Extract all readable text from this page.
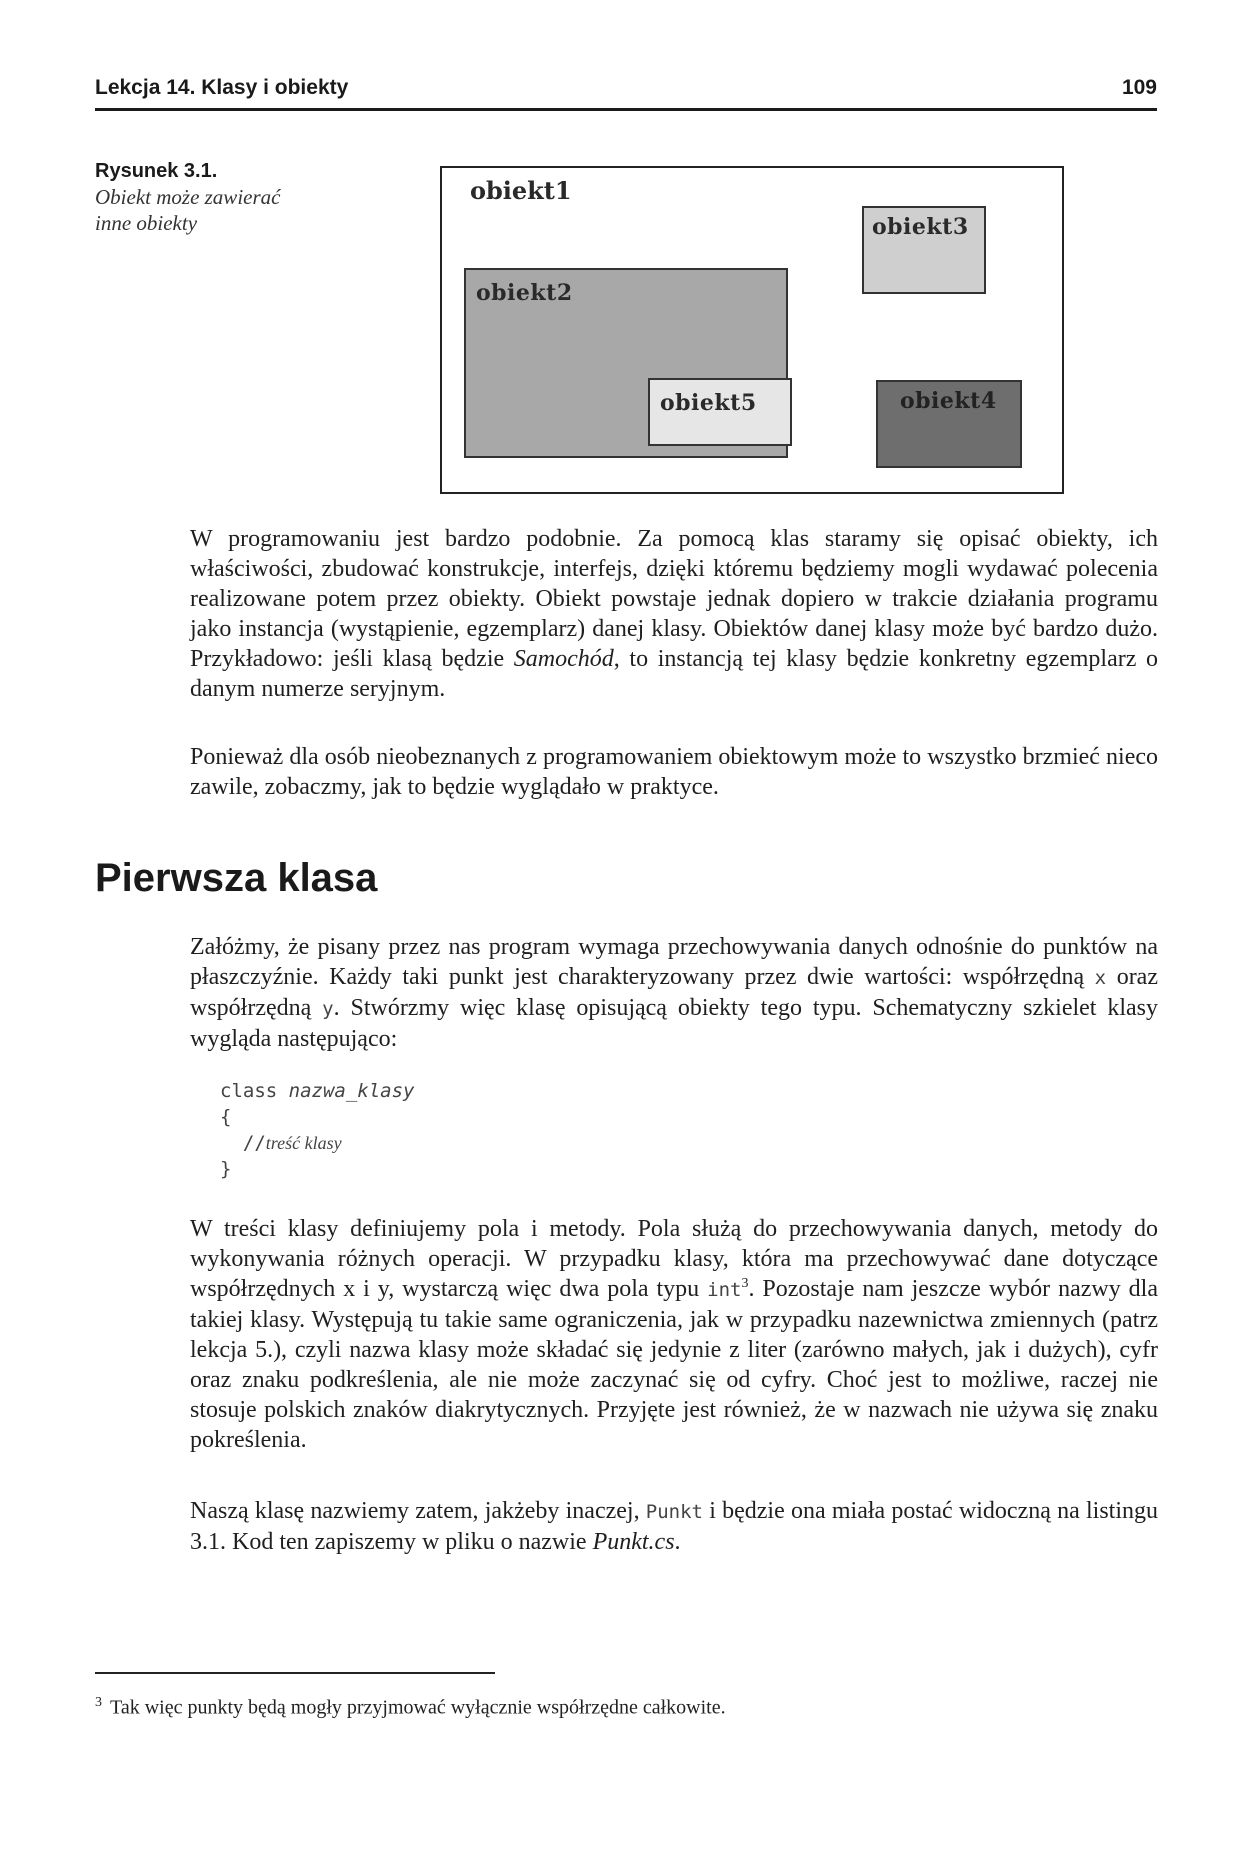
Lekcja 14. Klasy i obiekty	109
Rysunek 3.1.
Obiekt może zawierać
inne obiekty
obiekt1
obiekt2
obiekt5
obiekt3
obiekt4

W programowaniu jest bardzo podobnie. Za pomocą klas staramy się opisać obiekty, ich właściwości, zbudować konstrukcje, interfejs, dzięki któremu będziemy mogli wydawać polecenia realizowane potem przez obiekty. Obiekt powstaje jednak dopiero w trakcie działania programu jako instancja (wystąpienie, egzemplarz) danej klasy. Obiektów danej klasy może być bardzo dużo. Przykładowo: jeśli klasą będzie Samochód, to instancją tej klasy będzie konkretny egzemplarz o danym numerze seryjnym.

Ponieważ dla osób nieobeznanych z programowaniem obiektowym może to wszystko brzmieć nieco zawile, zobaczmy, jak to będzie wyglądało w praktyce.

Pierwsza klasa

Załóżmy, że pisany przez nas program wymaga przechowywania danych odnośnie do punktów na płaszczyźnie. Każdy taki punkt jest charakteryzowany przez dwie wartości: współrzędną x oraz współrzędną y. Stwórzmy więc klasę opisującą obiekty tego typu. Schematyczny szkielet klasy wygląda następująco:

class nazwa_klasy
{
//treść klasy
}

W treści klasy definiujemy pola i metody. Pola służą do przechowywania danych, metody do wykonywania różnych operacji. W przypadku klasy, która ma przechowywać dane dotyczące współrzędnych x i y, wystarczą więc dwa pola typu int$^3$. Pozostaje nam jeszcze wybór nazwy dla takiej klasy. Występują tu takie same ograniczenia, jak w przypadku nazewnictwa zmiennych (patrz lekcja 5.), czyli nazwa klasy może składać się jedynie z liter (zarówno małych, jak i dużych), cyfr oraz znaku podkreślenia, ale nie może zaczynać się od cyfry. Choć jest to możliwe, raczej nie stosuje polskich znaków diakrytycznych. Przyjęte jest również, że w nazwach nie używa się znaku pokreślenia.

Naszą klasę nazwiemy zatem, jakżeby inaczej, Punkt i będzie ona miała postać widoczną na listingu 3.1. Kod ten zapiszemy w pliku o nazwie Punkt.cs.

$^3$ Tak więc punkty będą mogły przyjmować wyłącznie współrzędne całkowite.
